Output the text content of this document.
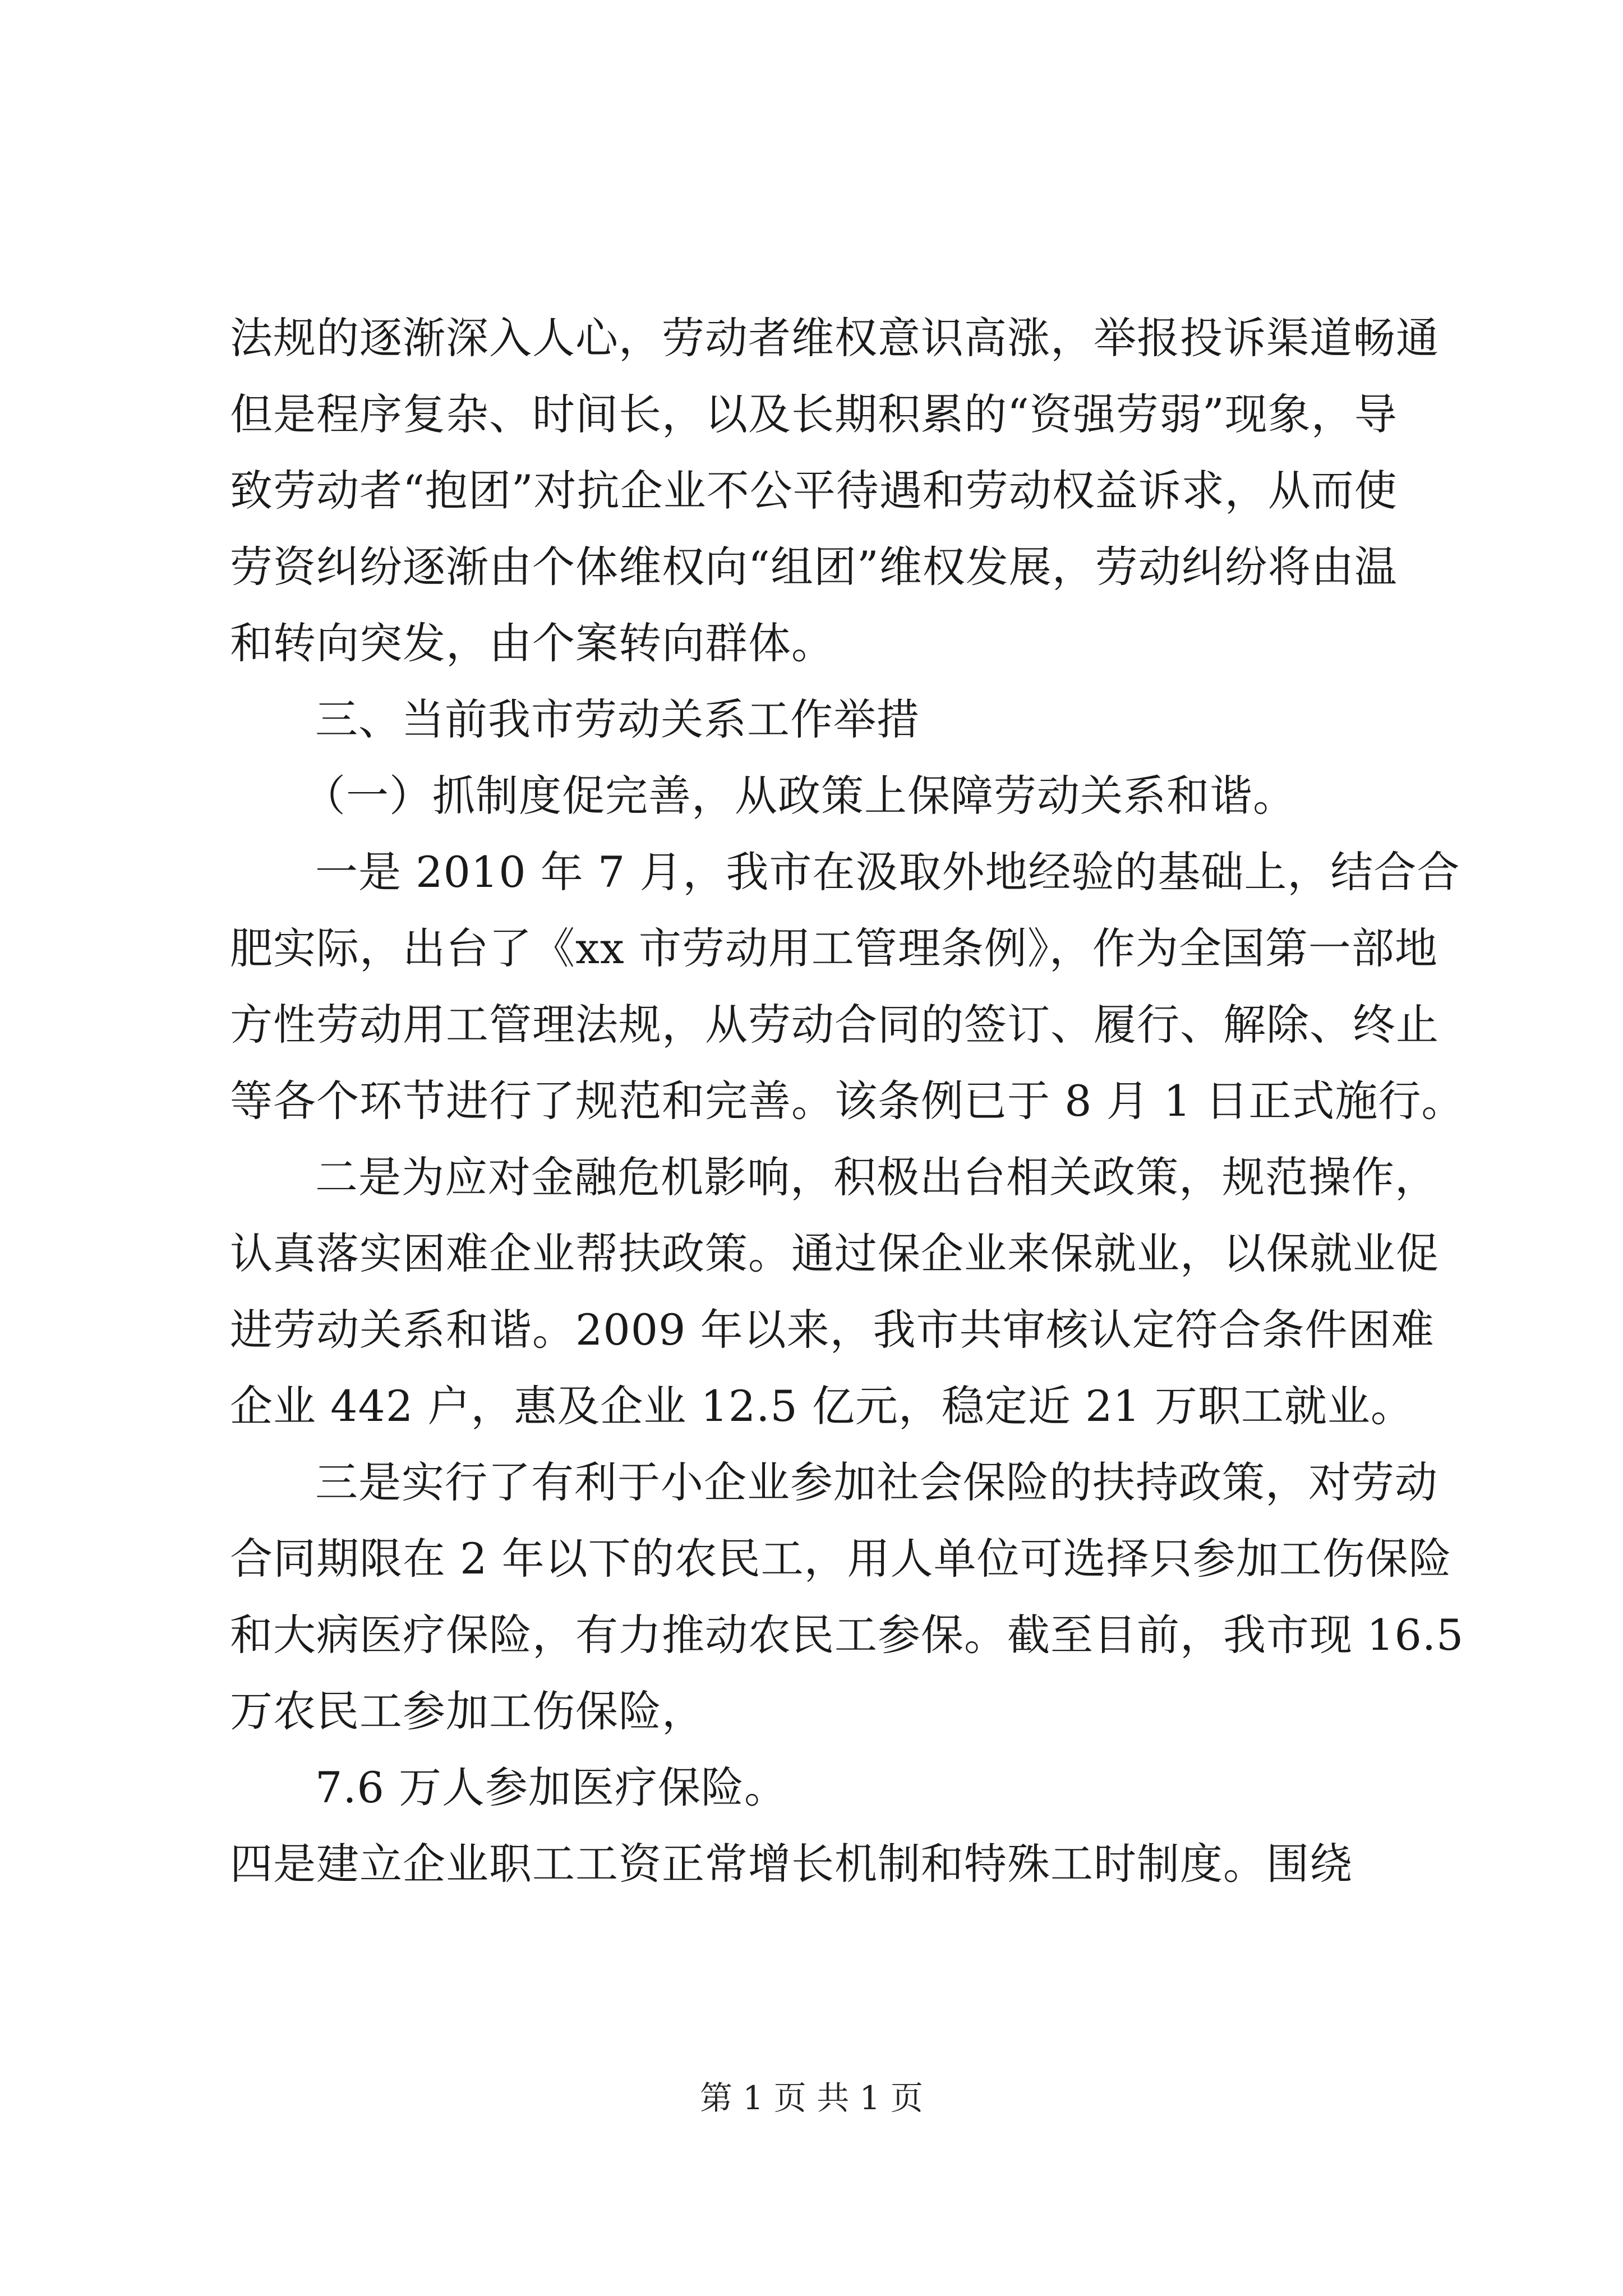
法规的逐渐深入人心，劳动者维权意识高涨，举报投诉渠道畅通
但是程序复杂、时间长，以及长期积累的“资强劳弱”现象，导
致劳动者“抱团”对抗企业不公平待遇和劳动权益诉求，从而使
劳资纠纷逐渐由个体维权向“组团”维权发展，劳动纠纷将由温
和转向突发，由个案转向群体。
三、当前我市劳动关系工作举措
（一）抓制度促完善，从政策上保障劳动关系和谐。
一是 2010 年 7 月，我市在汲取外地经验的基础上，结合合
肥实际，出台了《xx 市劳动用工管理条例》，作为全国第一部地
方性劳动用工管理法规，从劳动合同的签订、履行、解除、终止
等各个环节进行了规范和完善。该条例已于 8 月 1 日正式施行。
二是为应对金融危机影响，积极出台相关政策，规范操作，
认真落实困难企业帮扶政策。通过保企业来保就业，以保就业促
进劳动关系和谐。2009 年以来，我市共审核认定符合条件困难
企业 442 户，惠及企业 12.5 亿元，稳定近 21 万职工就业。
三是实行了有利于小企业参加社会保险的扶持政策，对劳动
合同期限在 2 年以下的农民工，用人单位可选择只参加工伤保险
和大病医疗保险，有力推动农民工参保。截至目前，我市现 16.5
万农民工参加工伤保险，
7.6 万人参加医疗保险。
四是建立企业职工工资正常增长机制和特殊工时制度。围绕
第 1 页 共 1 页
